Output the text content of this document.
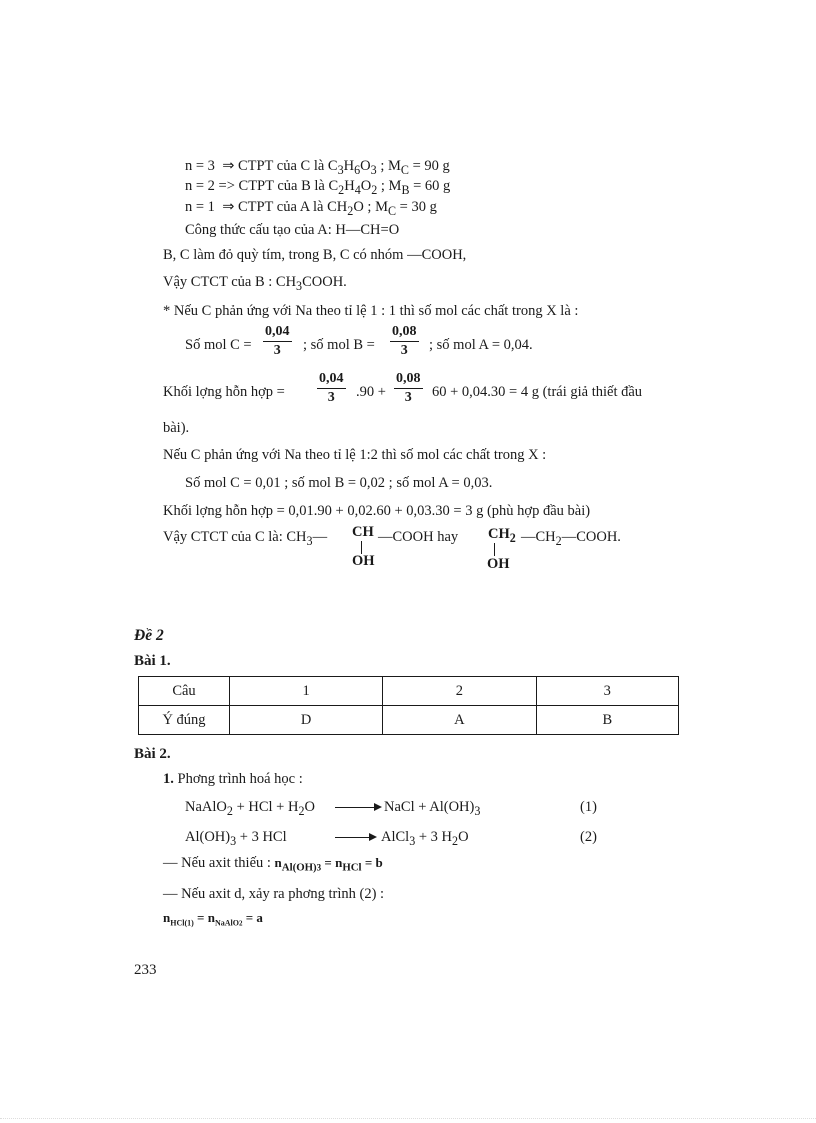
n = 3  ⇒ CTPT của C là $C_3H_6O_3$ ; $M_C = 90$ g
n = 2 => CTPT của B là $C_2H_4O_2$ ; $M_B = 60$ g
n = 1  ⇒ CTPT của A là $CH_2O$ ; $M_C = 30$ g
Công thức cấu tạo của A: H—CH=O
B, C làm đỏ quỳ tím, trong B, C có nhóm —COOH,
Vậy CTCT của B : $CH_3COOH$.
* Nếu C phản ứng với Na theo tỉ lệ 1 : 1 thì số mol các chất trong X là :
Số mol $C = \frac{0,04}{3}$ ; số mol $B = \frac{0,08}{3}$ ; số mol A = 0,04.
Khối lợng hỗn hợp = $\frac{0,04}{3} .90 + \frac{0,08}{3} 60 + 0,04.30 = 4$ g (trái giả thiết đầu
bài).
Nếu C phản ứng với Na theo tỉ lệ 1:2 thì số mol các chất trong X :
Số mol C = 0,01 ; số mol B = 0,02 ; số mol A = 0,03.
Khối lợng hỗn hợp = 0,01.90 + 0,02.60 + 0,03.30 = 3 g (phù hợp đầu bài)
Vậy CTCT của C là: $CH_3—$ CH
OH
—COOH hay $CH_2$
OH
$—CH_2—COOH$.
Đề 2
Bài 1.
Câu	1	2	3
Ý đúng	D	A	B
Bài 2.
1. Phơng trình hoá học :
NaAlO$_2$ + HCl + $H_2O$	NaCl + $Al(OH)_3$	(1)
$Al(OH)_3 + 3$ HCl	AlCl$_3$ + 3 $H_2O$	(2)
— Nếu axit thiếu : $n_{Al(OH)3} = n_{HCl} = b$
— Nếu axit d, xảy ra phơng trình (2) :
$n_{HCl(1)} = n_{NaAlO2} = a$
233
